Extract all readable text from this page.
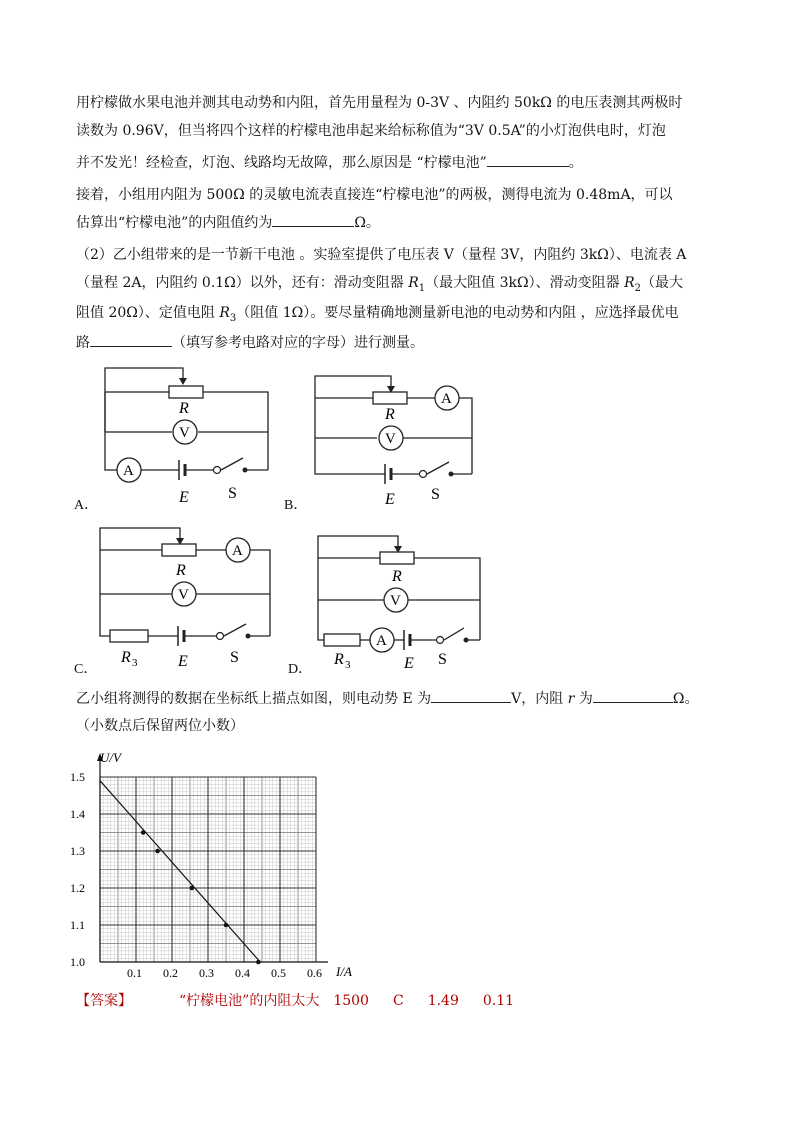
用柠檬做水果电池并测其电动势和内阻，首先用量程为 0-3V 、内阻约 50kΩ 的电压表测其两极时
读数为 0.96V，但当将四个这样的柠檬电池串起来给标称值为“3V 0.5A”的小灯泡供电时，灯泡
并不发光！经检查，灯泡、线路均无故障，那么原因是 “柠檬电池”	。
接着，小组用内阻为 500Ω 的灵敏电流表直接连“柠檬电池”的两极，测得电流为 0.48mA，可以
估算出“柠檬电池”的内阻值约为	Ω。
（2）乙小组带来的是一节新干电池 。实验室提供了电压表 V（量程 3V，内阻约 3kΩ）、电流表 A
（量程 2A，内阻约 0.1Ω）以外，还有：滑动变阻器 $R_1$（最大阻值 3kΩ）、滑动变阻器 $R_2$（最大
阻值 20Ω）、定值电阻 $R_3$（阻值 1Ω）。要尽量精确地测量新电池的电动势和内阻 ，应选择最优电
路	（填写参考电路对应的字母）进行测量。
R
V
A
E S
A．
R
A
V
E S
B．
R
A
V
R 3	E	S
C．
R
V
A
R 3	E S
D．
乙小组将测得的数据在坐标纸上描点如图，则电动势 E 为	V，内阻 r 为	Ω。
（小数点后保留两位小数）
0.1 0.2 0.3 0.4 0.5 0.6
1.0
1.1
1.2
1.3
1.4
1.5
U/V
I/A
【答案】	“柠檬电池”的内阻太大 1500 C 1.49 0.11
